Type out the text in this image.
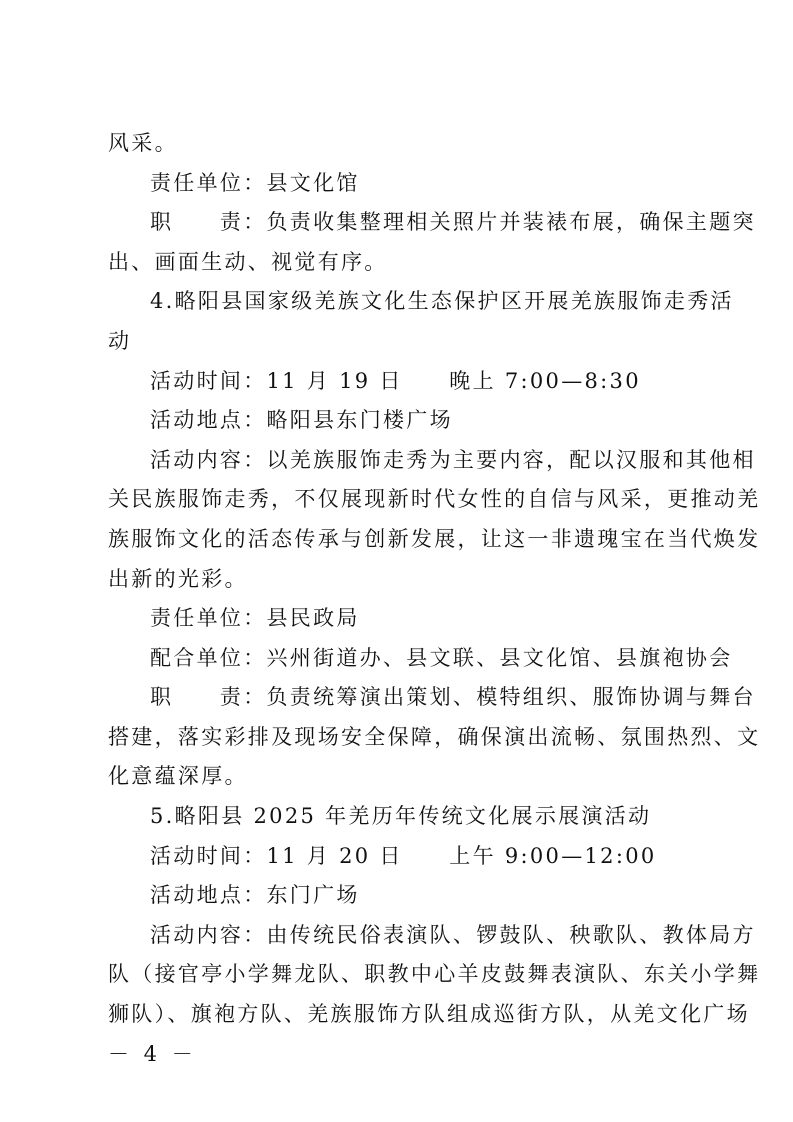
风采。
责任单位：县文化馆
职　　责：负责收集整理相关照片并装裱布展，确保主题突
出、画面生动、视觉有序。
4.略阳县国家级羌族文化生态保护区开展羌族服饰走秀活
动
活动时间：11 月 19 日　　晚上 7:00—8:30
活动地点：略阳县东门楼广场
活动内容：以羌族服饰走秀为主要内容，配以汉服和其他相
关民族服饰走秀，不仅展现新时代女性的自信与风采，更推动羌
族服饰文化的活态传承与创新发展，让这一非遗瑰宝在当代焕发
出新的光彩。
责任单位：县民政局
配合单位：兴州街道办、县文联、县文化馆、县旗袍协会
职　　责：负责统筹演出策划、模特组织、服饰协调与舞台
搭建，落实彩排及现场安全保障，确保演出流畅、氛围热烈、文
化意蕴深厚。
5.略阳县 2025 年羌历年传统文化展示展演活动
活动时间：11 月 20 日　　上午 9:00—12:00
活动地点：东门广场
活动内容：由传统民俗表演队、锣鼓队、秧歌队、教体局方
队（接官亭小学舞龙队、职教中心羊皮鼓舞表演队、东关小学舞
狮队）、旗袍方队、羌族服饰方队组成巡街方队，从羌文化广场
－ 4 －
